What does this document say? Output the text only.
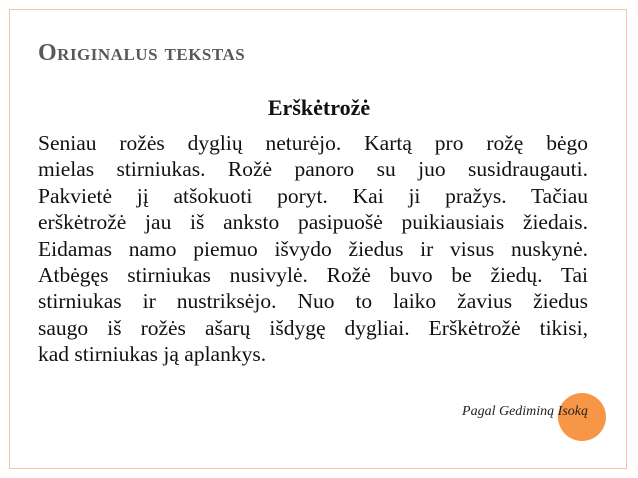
Originalus tekstas
Erškėtrožė
Seniau rožės dyglių neturėjo. Kartą pro rožę bėgo
mielas stirniukas. Rožė panoro su juo susidraugauti.
Pakvietė jį atšokuoti poryt. Kai ji pražys. Tačiau
erškėtrožė jau iš anksto pasipuošė puikiausiais žiedais.
Eidamas namo piemuo išvydo žiedus ir visus nuskynė.
Atbėgęs stirniukas nusivylė. Rožė buvo be žiedų. Tai
stirniukas ir nustriksėjo. Nuo to laiko žavius žiedus
saugo iš rožės ašarų išdygę dygliai. Erškėtrožė tikisi,
kad stirniukas ją aplankys.

Pagal Gediminą Isoką
